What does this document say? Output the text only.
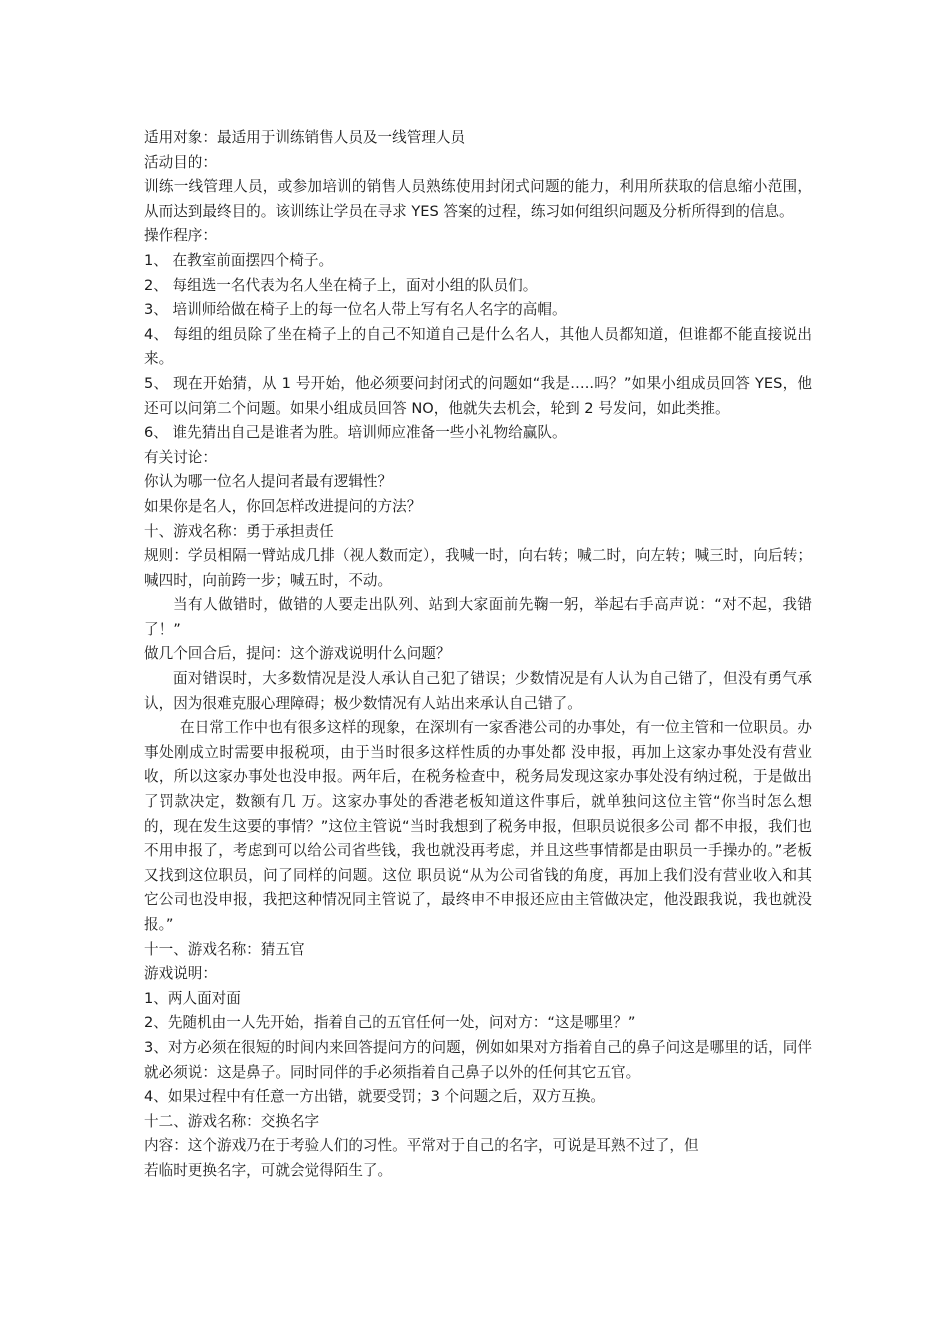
适用对象：最适用于训练销售人员及一线管理人员

活动目的：

训练一线管理人员，或参加培训的销售人员熟练使用封闭式问题的能力，利用所获取的信息缩小范围，从而达到最终目的。该训练让学员在寻求 YES 答案的过程，练习如何组织问题及分析所得到的信息。

操作程序：

1、 在教室前面摆四个椅子。

2、 每组选一名代表为名人坐在椅子上，面对小组的队员们。

3、 培训师给做在椅子上的每一位名人带上写有名人名字的高帽。

4、 每组的组员除了坐在椅子上的自己不知道自己是什么名人，其他人员都知道，但谁都不能直接说出来。

5、 现在开始猜，从 1 号开始，他必须要问封闭式的问题如“我是…..吗？”如果小组成员回答 YES，他还可以问第二个问题。如果小组成员回答 NO，他就失去机会，轮到 2 号发问，如此类推。

6、 谁先猜出自己是谁者为胜。培训师应准备一些小礼物给赢队。

有关讨论：

你认为哪一位名人提问者最有逻辑性？

如果你是名人，你回怎样改进提问的方法？

十、游戏名称：勇于承担责任

规则：学员相隔一臂站成几排（视人数而定），我喊一时，向右转；喊二时，向左转；喊三时，向后转；喊四时，向前跨一步；喊五时，不动。

当有人做错时，做错的人要走出队列、站到大家面前先鞠一躬，举起右手高声说：“对不起，我错了！”

做几个回合后，提问：这个游戏说明什么问题？

面对错误时，大多数情况是没人承认自己犯了错误；少数情况是有人认为自己错了，但没有勇气承认，因为很难克服心理障碍；极少数情况有人站出来承认自己错了。

在日常工作中也有很多这样的现象，在深圳有一家香港公司的办事处，有一位主管和一位职员。办事处刚成立时需要申报税项，由于当时很多这样性质的办事处都 没申报，再加上这家办事处没有营业收，所以这家办事处也没申报。两年后，在税务检查中，税务局发现这家办事处没有纳过税，于是做出了罚款决定，数额有几 万。这家办事处的香港老板知道这件事后，就单独问这位主管“你当时怎么想的，现在发生这要的事情？”这位主管说“当时我想到了税务申报，但职员说很多公司 都不申报，我们也不用申报了，考虑到可以给公司省些钱，我也就没再考虑，并且这些事情都是由职员一手操办的。”老板又找到这位职员，问了同样的问题。这位 职员说“从为公司省钱的角度，再加上我们没有营业收入和其它公司也没申报，我把这种情况同主管说了，最终申不申报还应由主管做决定，他没跟我说，我也就没 报。”

十一、游戏名称：猜五官

游戏说明：

1、两人面对面

2、先随机由一人先开始，指着自己的五官任何一处，问对方：“这是哪里？”

3、对方必须在很短的时间内来回答提问方的问题，例如如果对方指着自己的鼻子问这是哪里的话，同伴就必须说：这是鼻子。同时同伴的手必须指着自己鼻子以外的任何其它五官。

4、如果过程中有任意一方出错，就要受罚；3 个问题之后，双方互换。

十二、游戏名称：交换名字

内容：这个游戏乃在于考验人们的习性。平常对于自己的名字，可说是耳熟不过了，但

若临时更换名字，可就会觉得陌生了。
